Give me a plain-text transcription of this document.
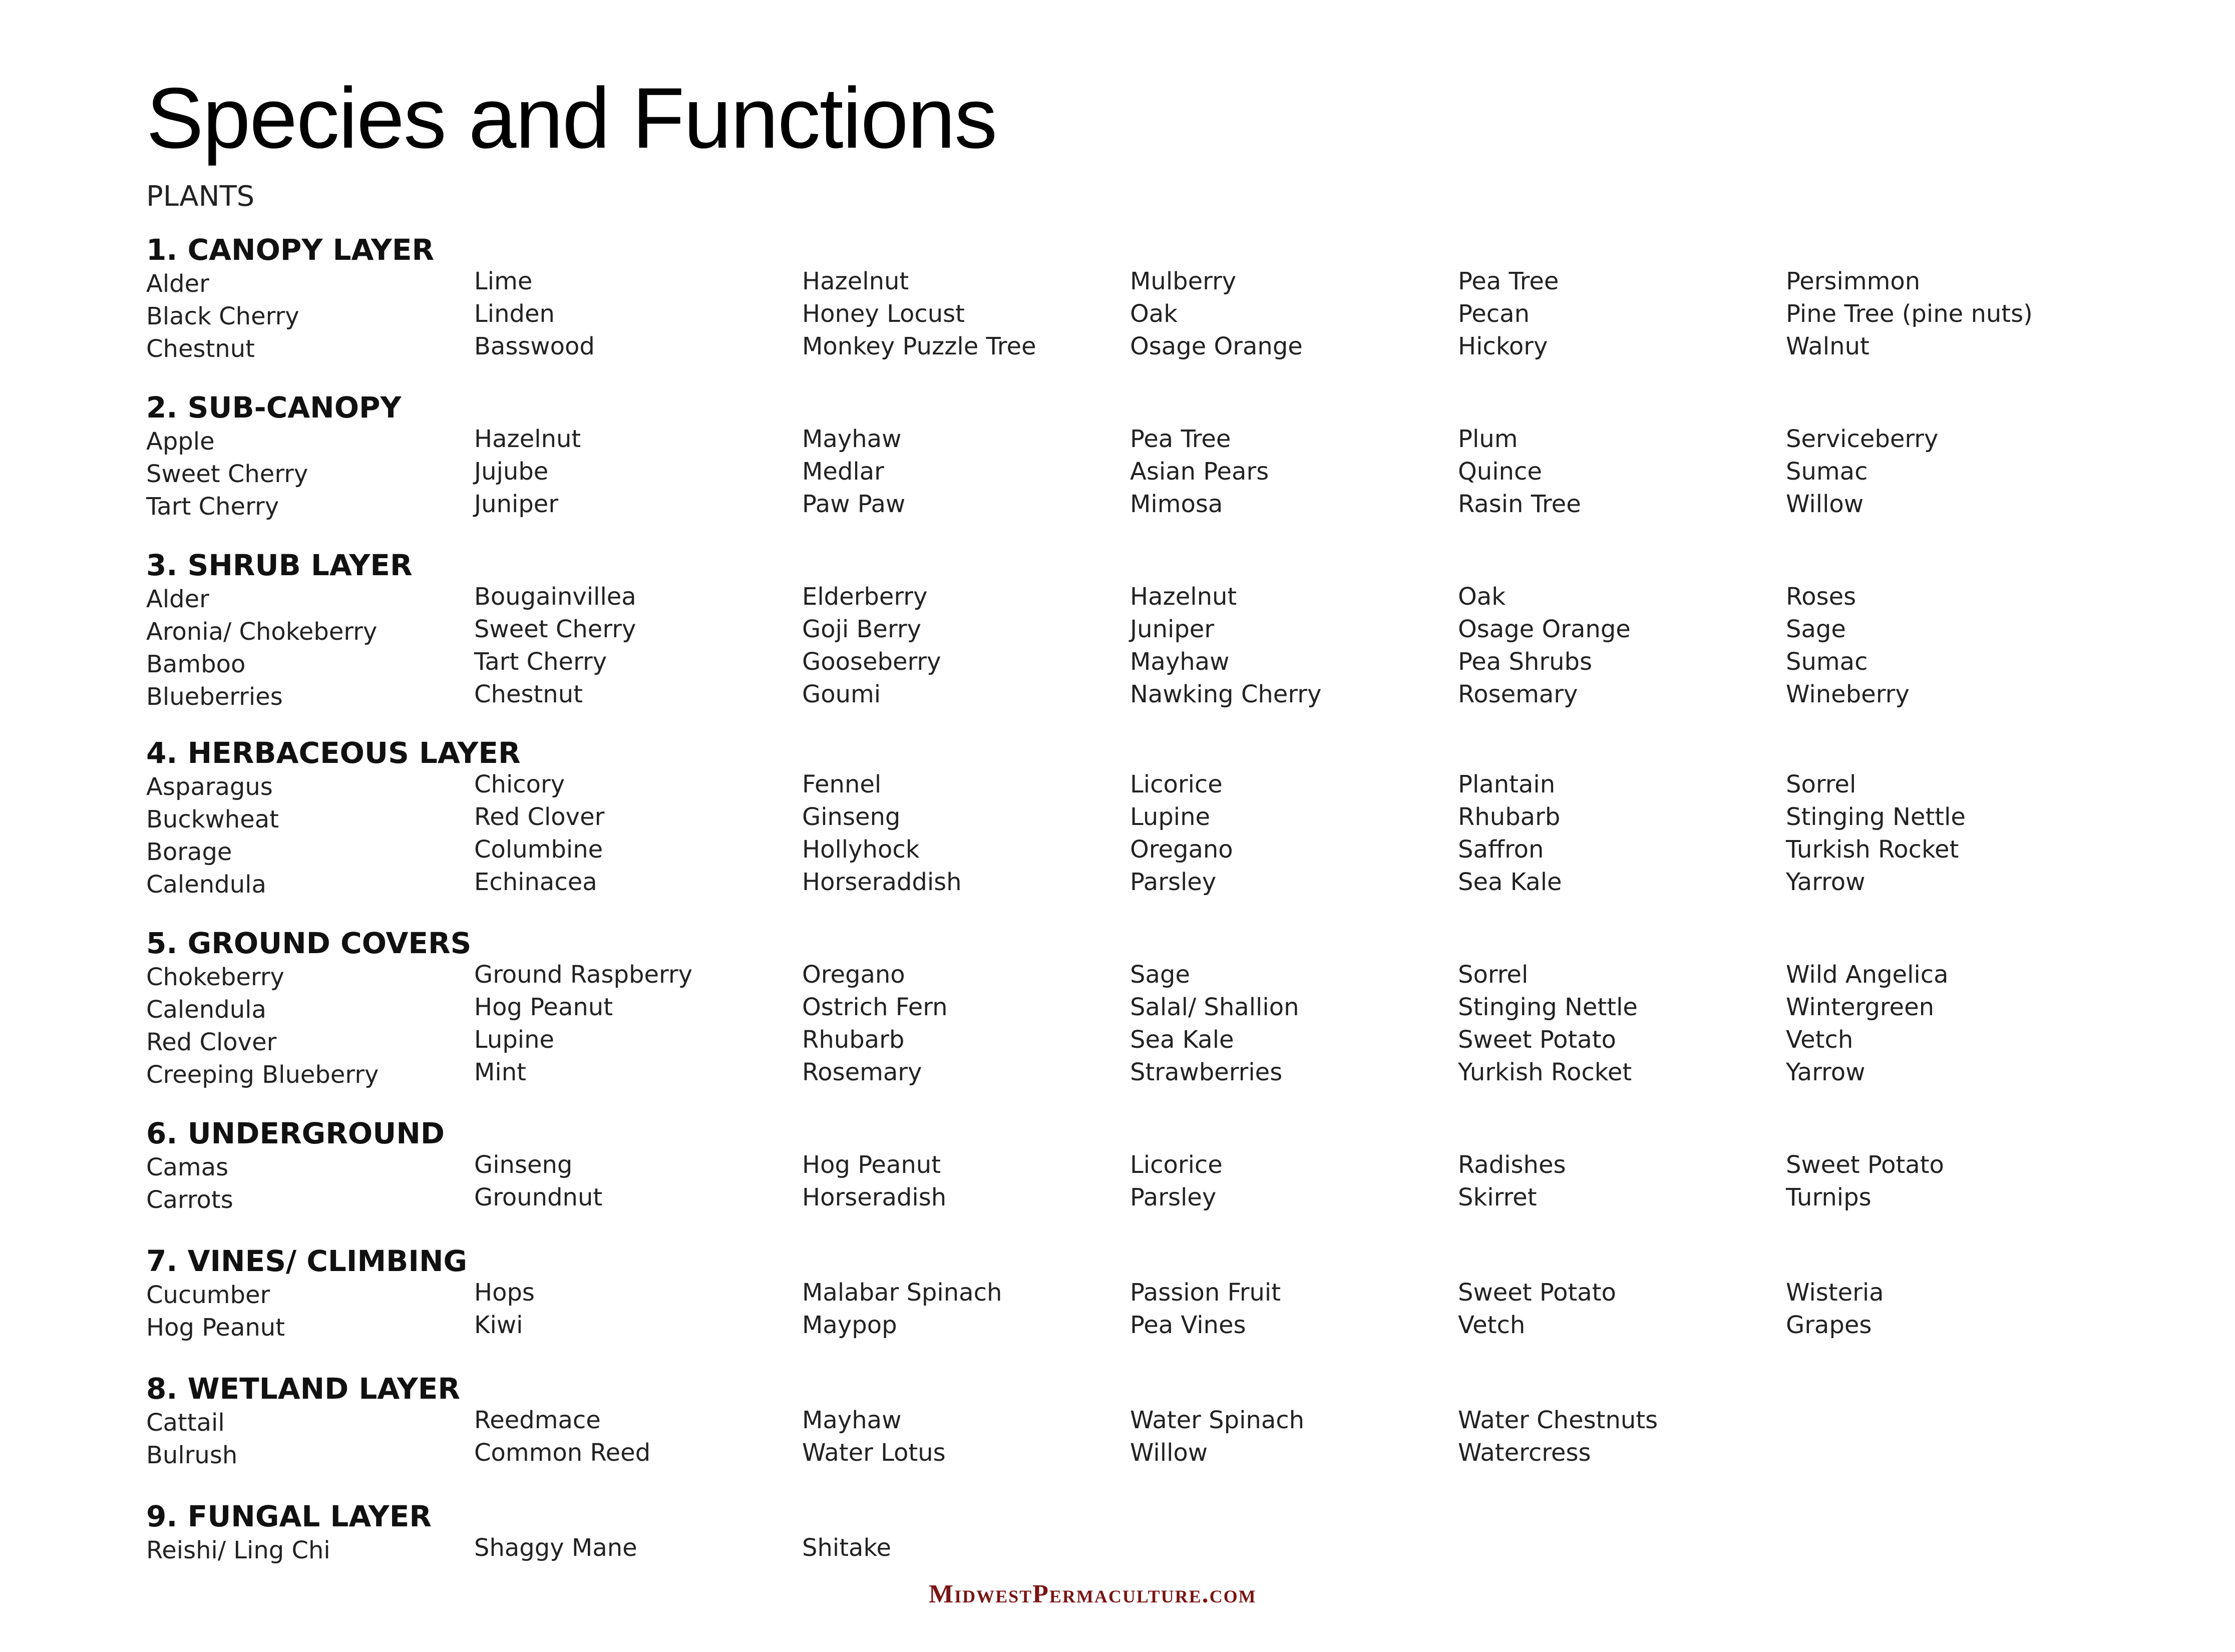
Species and Functions
PLANTS
1. CANOPY LAYER
Alder
Black Cherry
Chestnut
Lime
Linden
Basswood
Hazelnut
Honey Locust
Monkey Puzzle Tree
Mulberry
Oak
Osage Orange
Pea Tree
Pecan
Hickory
Persimmon
Pine Tree (pine nuts)
Walnut
2. SUB-CANOPY
Apple
Sweet Cherry
Tart Cherry
Hazelnut
Jujube
Juniper
Mayhaw
Medlar
Paw Paw
Pea Tree
Asian Pears
Mimosa
Plum
Quince
Rasin Tree
Serviceberry
Sumac
Willow
3. SHRUB LAYER
Alder
Aronia/ Chokeberry
Bamboo
Blueberries
Bougainvillea
Sweet Cherry
Tart Cherry
Chestnut
Elderberry
Goji Berry
Gooseberry
Goumi
Hazelnut
Juniper
Mayhaw
Nawking Cherry
Oak
Osage Orange
Pea Shrubs
Rosemary
Roses
Sage
Sumac
Wineberry
4. HERBACEOUS LAYER
Asparagus
Buckwheat
Borage
Calendula
Chicory
Red Clover
Columbine
Echinacea
Fennel
Ginseng
Hollyhock
Horseraddish
Licorice
Lupine
Oregano
Parsley
Plantain
Rhubarb
Saffron
Sea Kale
Sorrel
Stinging Nettle
Turkish Rocket
Yarrow
5. GROUND COVERS
Chokeberry
Calendula
Red Clover
Creeping Blueberry
Ground Raspberry
Hog Peanut
Lupine
Mint
Oregano
Ostrich Fern
Rhubarb
Rosemary
Sage
Salal/ Shallion
Sea Kale
Strawberries
Sorrel
Stinging Nettle
Sweet Potato
Yurkish Rocket
Wild Angelica
Wintergreen
Vetch
Yarrow
6. UNDERGROUND
Camas
Carrots
Ginseng
Groundnut
Hog Peanut
Horseradish
Licorice
Parsley
Radishes
Skirret
Sweet Potato
Turnips
7. VINES/ CLIMBING
Cucumber
Hog Peanut
Hops
Kiwi
Malabar Spinach
Maypop
Passion Fruit
Pea Vines
Sweet Potato
Vetch
Wisteria
Grapes
8. WETLAND LAYER
Cattail
Bulrush
Reedmace
Common Reed
Mayhaw
Water Lotus
Water Spinach
Willow
Water Chestnuts
Watercress
9. FUNGAL LAYER
Reishi/ Ling Chi	Shaggy Mane	Shitake
MidwestPermaculture.com
